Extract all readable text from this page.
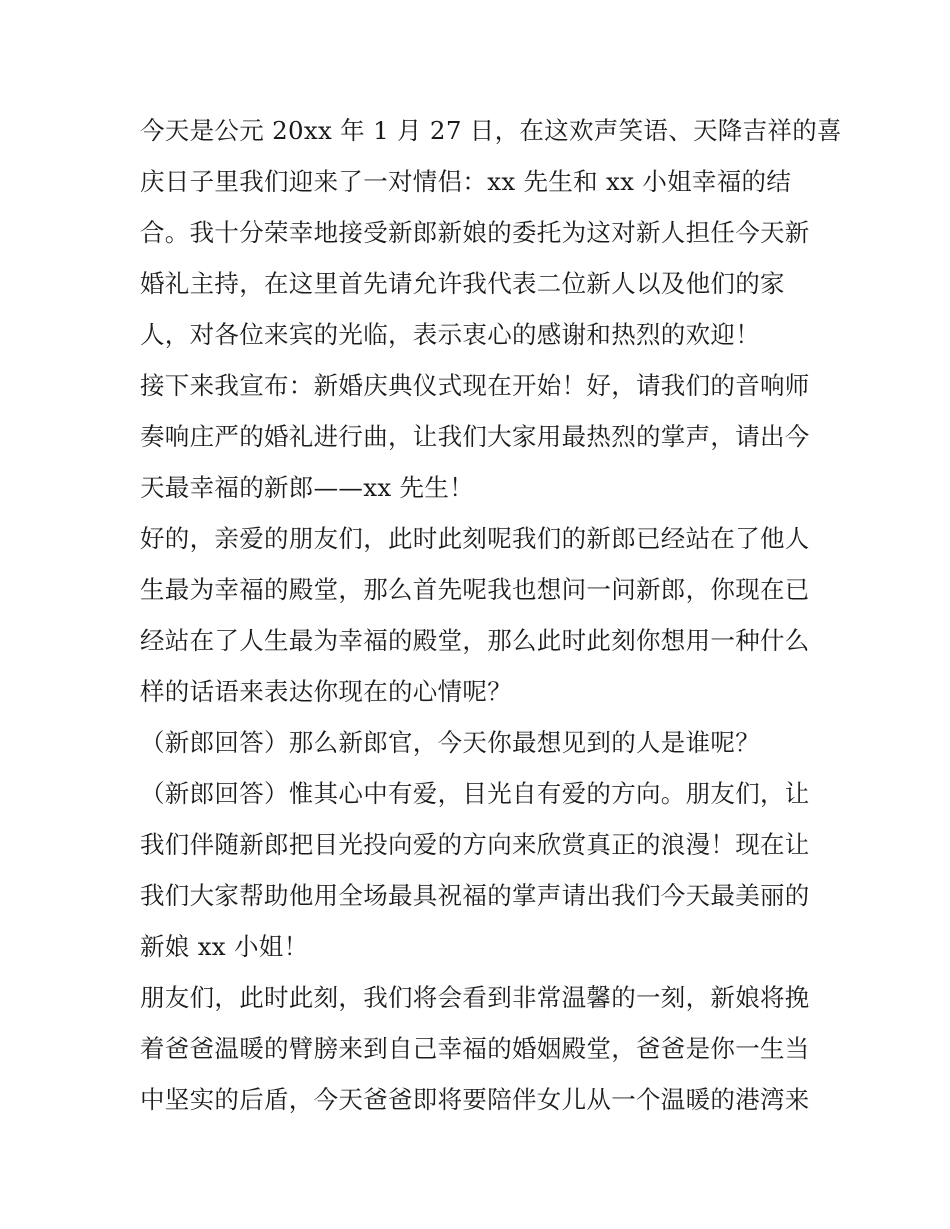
今天是公元 20xx 年 1 月 27 日，在这欢声笑语、天降吉祥的喜
庆日子里我们迎来了一对情侣：xx 先生和 xx 小姐幸福的结
合。我十分荣幸地接受新郎新娘的委托为这对新人担任今天新
婚礼主持，在这里首先请允许我代表二位新人以及他们的家
人，对各位来宾的光临，表示衷心的感谢和热烈的欢迎！
接下来我宣布：新婚庆典仪式现在开始！好，请我们的音响师
奏响庄严的婚礼进行曲，让我们大家用最热烈的掌声，请出今
天最幸福的新郎——xx 先生！
好的，亲爱的朋友们，此时此刻呢我们的新郎已经站在了他人
生最为幸福的殿堂，那么首先呢我也想问一问新郎，你现在已
经站在了人生最为幸福的殿堂，那么此时此刻你想用一种什么
样的话语来表达你现在的心情呢？
（新郎回答）那么新郎官，今天你最想见到的人是谁呢？
（新郎回答）惟其心中有爱，目光自有爱的方向。朋友们，让
我们伴随新郎把目光投向爱的方向来欣赏真正的浪漫！现在让
我们大家帮助他用全场最具祝福的掌声请出我们今天最美丽的
新娘 xx 小姐！
朋友们，此时此刻，我们将会看到非常温馨的一刻，新娘将挽
着爸爸温暖的臂膀来到自己幸福的婚姻殿堂，爸爸是你一生当
中坚实的后盾，今天爸爸即将要陪伴女儿从一个温暖的港湾来
